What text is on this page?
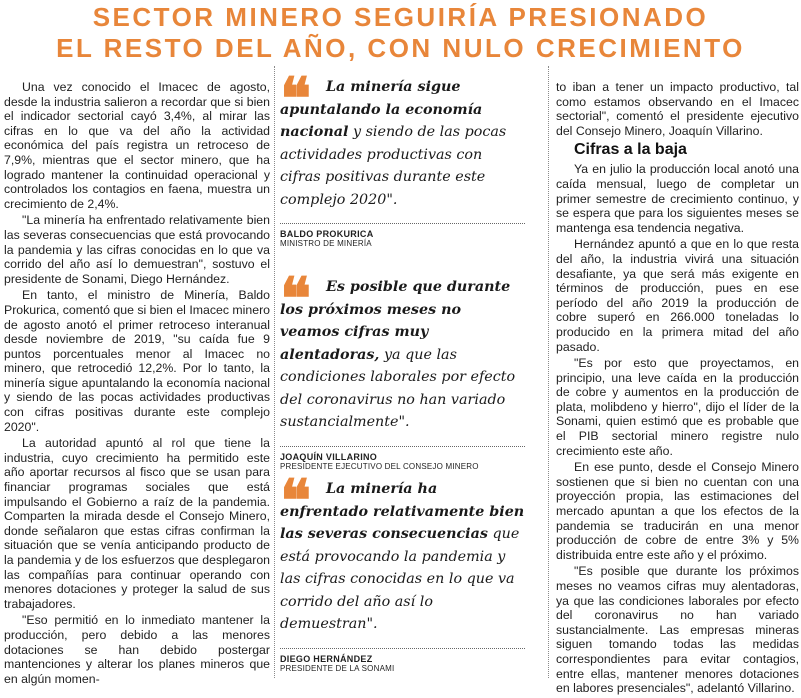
SECTOR MINERO SEGUIRÍA PRESIONADO
EL RESTO DEL AÑO, CON NULO CRECIMIENTO

Una vez conocido el Imacec de agosto, desde la industria salieron a recordar que si bien el indicador sectorial cayó 3,4%, al mirar las cifras en lo que va del año la actividad económica del país registra un retroceso de 7,9%, mientras que el sector minero, que ha logrado mantener la continuidad operacional y controlados los contagios en faena, muestra un crecimiento de 2,4%.

"La minería ha enfrentado relativamente bien las severas consecuencias que está provocando la pandemia y las cifras conocidas en lo que va corrido del año así lo demuestran", sostuvo el presidente de Sonami, Diego Hernández.

En tanto, el ministro de Minería, Baldo Prokurica, comentó que si bien el Imacec minero de agosto anotó el primer retroceso interanual desde noviembre de 2019, "su caída fue 9 puntos porcentuales menor al Imacec no minero, que retrocedió 12,2%. Por lo tanto, la minería sigue apuntalando la economía nacional y siendo de las pocas actividades productivas con cifras positivas durante este complejo 2020".

La autoridad apuntó al rol que tiene la industria, cuyo crecimiento ha permitido este año aportar recursos al fisco que se usan para financiar programas sociales que está impulsando el Gobierno a raíz de la pandemia. Comparten la mirada desde el Consejo Minero, donde señalaron que estas cifras confirman la situación que se venía anticipando producto de la pandemia y de los esfuerzos que desplegaron las compañías para continuar operando con menores dotaciones y proteger la salud de sus trabajadores.

"Eso permitió en lo inmediato mantener la producción, pero debido a las menores dotaciones se han debido postergar mantenciones y alterar los planes mineros que en algún momen-

❝	La minería sigue apuntalando la economía nacional y siendo de las pocas actividades productivas con cifras positivas durante este complejo 2020".

BALDO PROKURICA
MINISTRO DE MINERÍA
❝	Es posible que durante los próximos meses no veamos cifras muy alentadoras, ya que las condiciones laborales por efecto del coronavirus no han variado sustancialmente".

JOAQUÍN VILLARINO
PRESIDENTE EJECUTIVO DEL CONSEJO MINERO
❝	La minería ha enfrentado relativamente bien las severas consecuencias que está provocando la pandemia y las cifras conocidas en lo que va corrido del año así lo demuestran".

DIEGO HERNÁNDEZ
PRESIDENTE DE LA SONAMI

to iban a tener un impacto productivo, tal como estamos observando en el Imacec sectorial", comentó el presidente ejecutivo del Consejo Minero, Joaquín Villarino.

Cifras a la baja

Ya en julio la producción local anotó una caída mensual, luego de completar un primer semestre de crecimiento continuo, y se espera que para los siguientes meses se mantenga esa tendencia negativa.

Hernández apuntó a que en lo que resta del año, la industria vivirá una situación desafiante, ya que será más exigente en términos de producción, pues en ese período del año 2019 la producción de cobre superó en 266.000 toneladas lo producido en la primera mitad del año pasado.

"Es por esto que proyectamos, en principio, una leve caída en la producción de cobre y aumentos en la producción de plata, molibdeno y hierro", dijo el líder de la Sonami, quien estimó que es probable que el PIB sectorial minero registre nulo crecimiento este año.

En ese punto, desde el Consejo Minero sostienen que si bien no cuentan con una proyección propia, las estimaciones del mercado apuntan a que los efectos de la pandemia se traducirán en una menor producción de cobre de entre 3% y 5% distribuida entre este año y el próximo.

"Es posible que durante los próximos meses no veamos cifras muy alentadoras, ya que las condiciones laborales por efecto del coronavirus no han variado sustancialmente. Las empresas mineras siguen tomando todas las medidas correspondientes para evitar contagios, entre ellas, mantener menores dotaciones en labores presenciales", adelantó Villarino.
